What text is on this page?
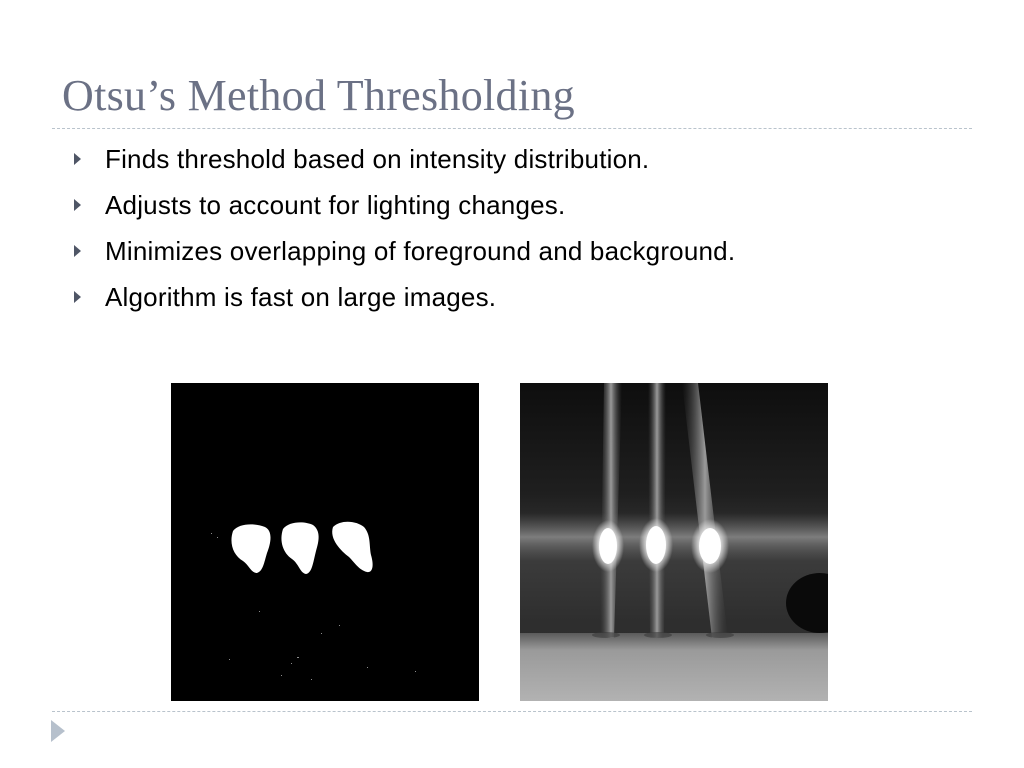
Otsu’s Method Thresholding
Finds threshold based on intensity distribution.
Adjusts to account for lighting changes.
Minimizes overlapping of foreground and background.
Algorithm is fast on large images.
